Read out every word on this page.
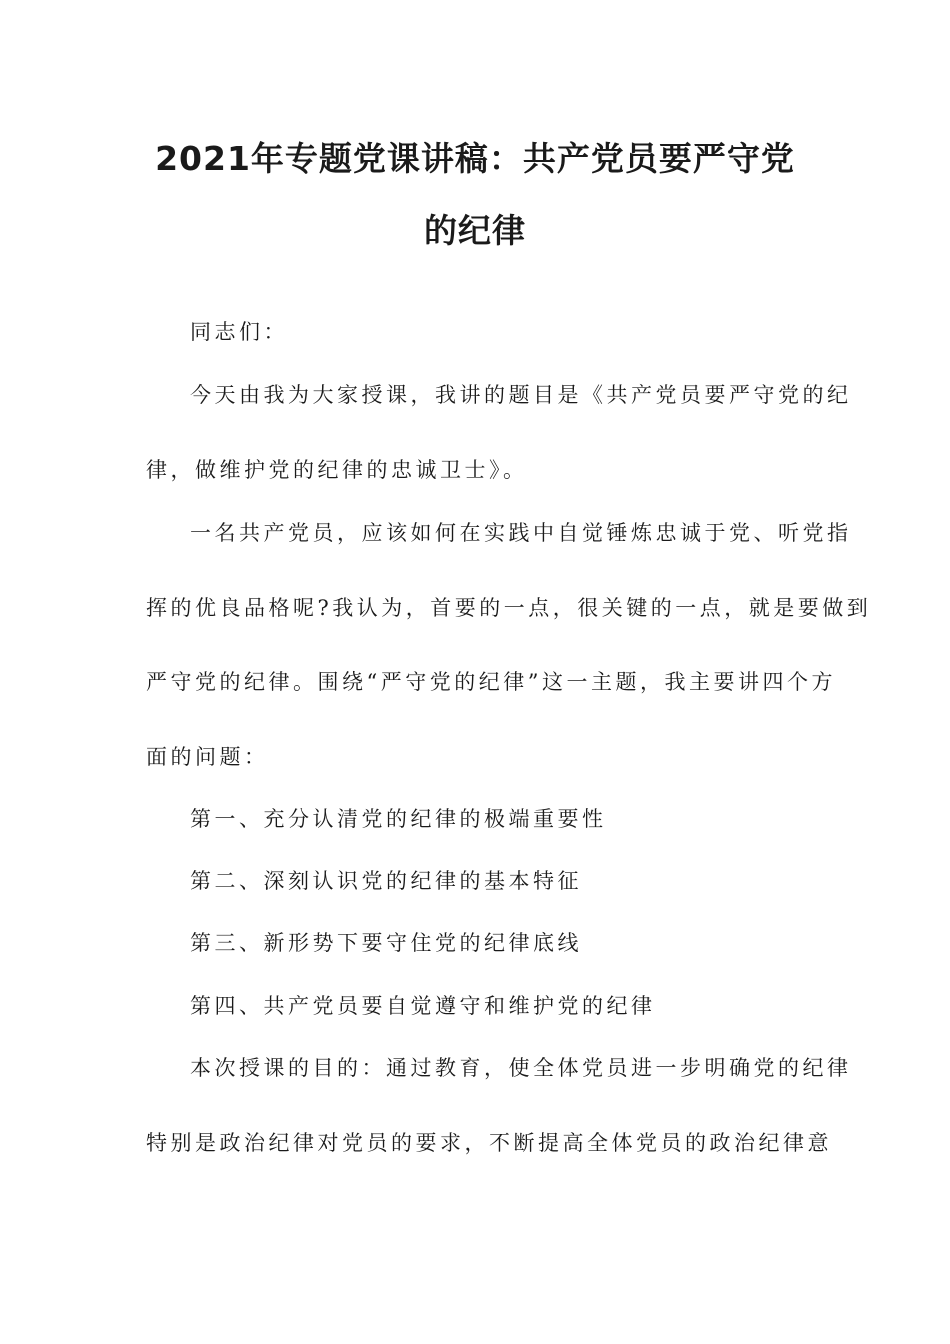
2021年专题党课讲稿：共产党员要严守党
的纪律
同志们：
今天由我为大家授课，我讲的题目是《共产党员要严守党的纪
律，做维护党的纪律的忠诚卫士》。
一名共产党员，应该如何在实践中自觉锤炼忠诚于党、听党指
挥的优良品格呢?我认为，首要的一点，很关键的一点，就是要做到
严守党的纪律。围绕“严守党的纪律”这一主题，我主要讲四个方
面的问题：
第一、充分认清党的纪律的极端重要性
第二、深刻认识党的纪律的基本特征
第三、新形势下要守住党的纪律底线
第四、共产党员要自觉遵守和维护党的纪律
本次授课的目的：通过教育，使全体党员进一步明确党的纪律
特别是政治纪律对党员的要求，不断提高全体党员的政治纪律意
